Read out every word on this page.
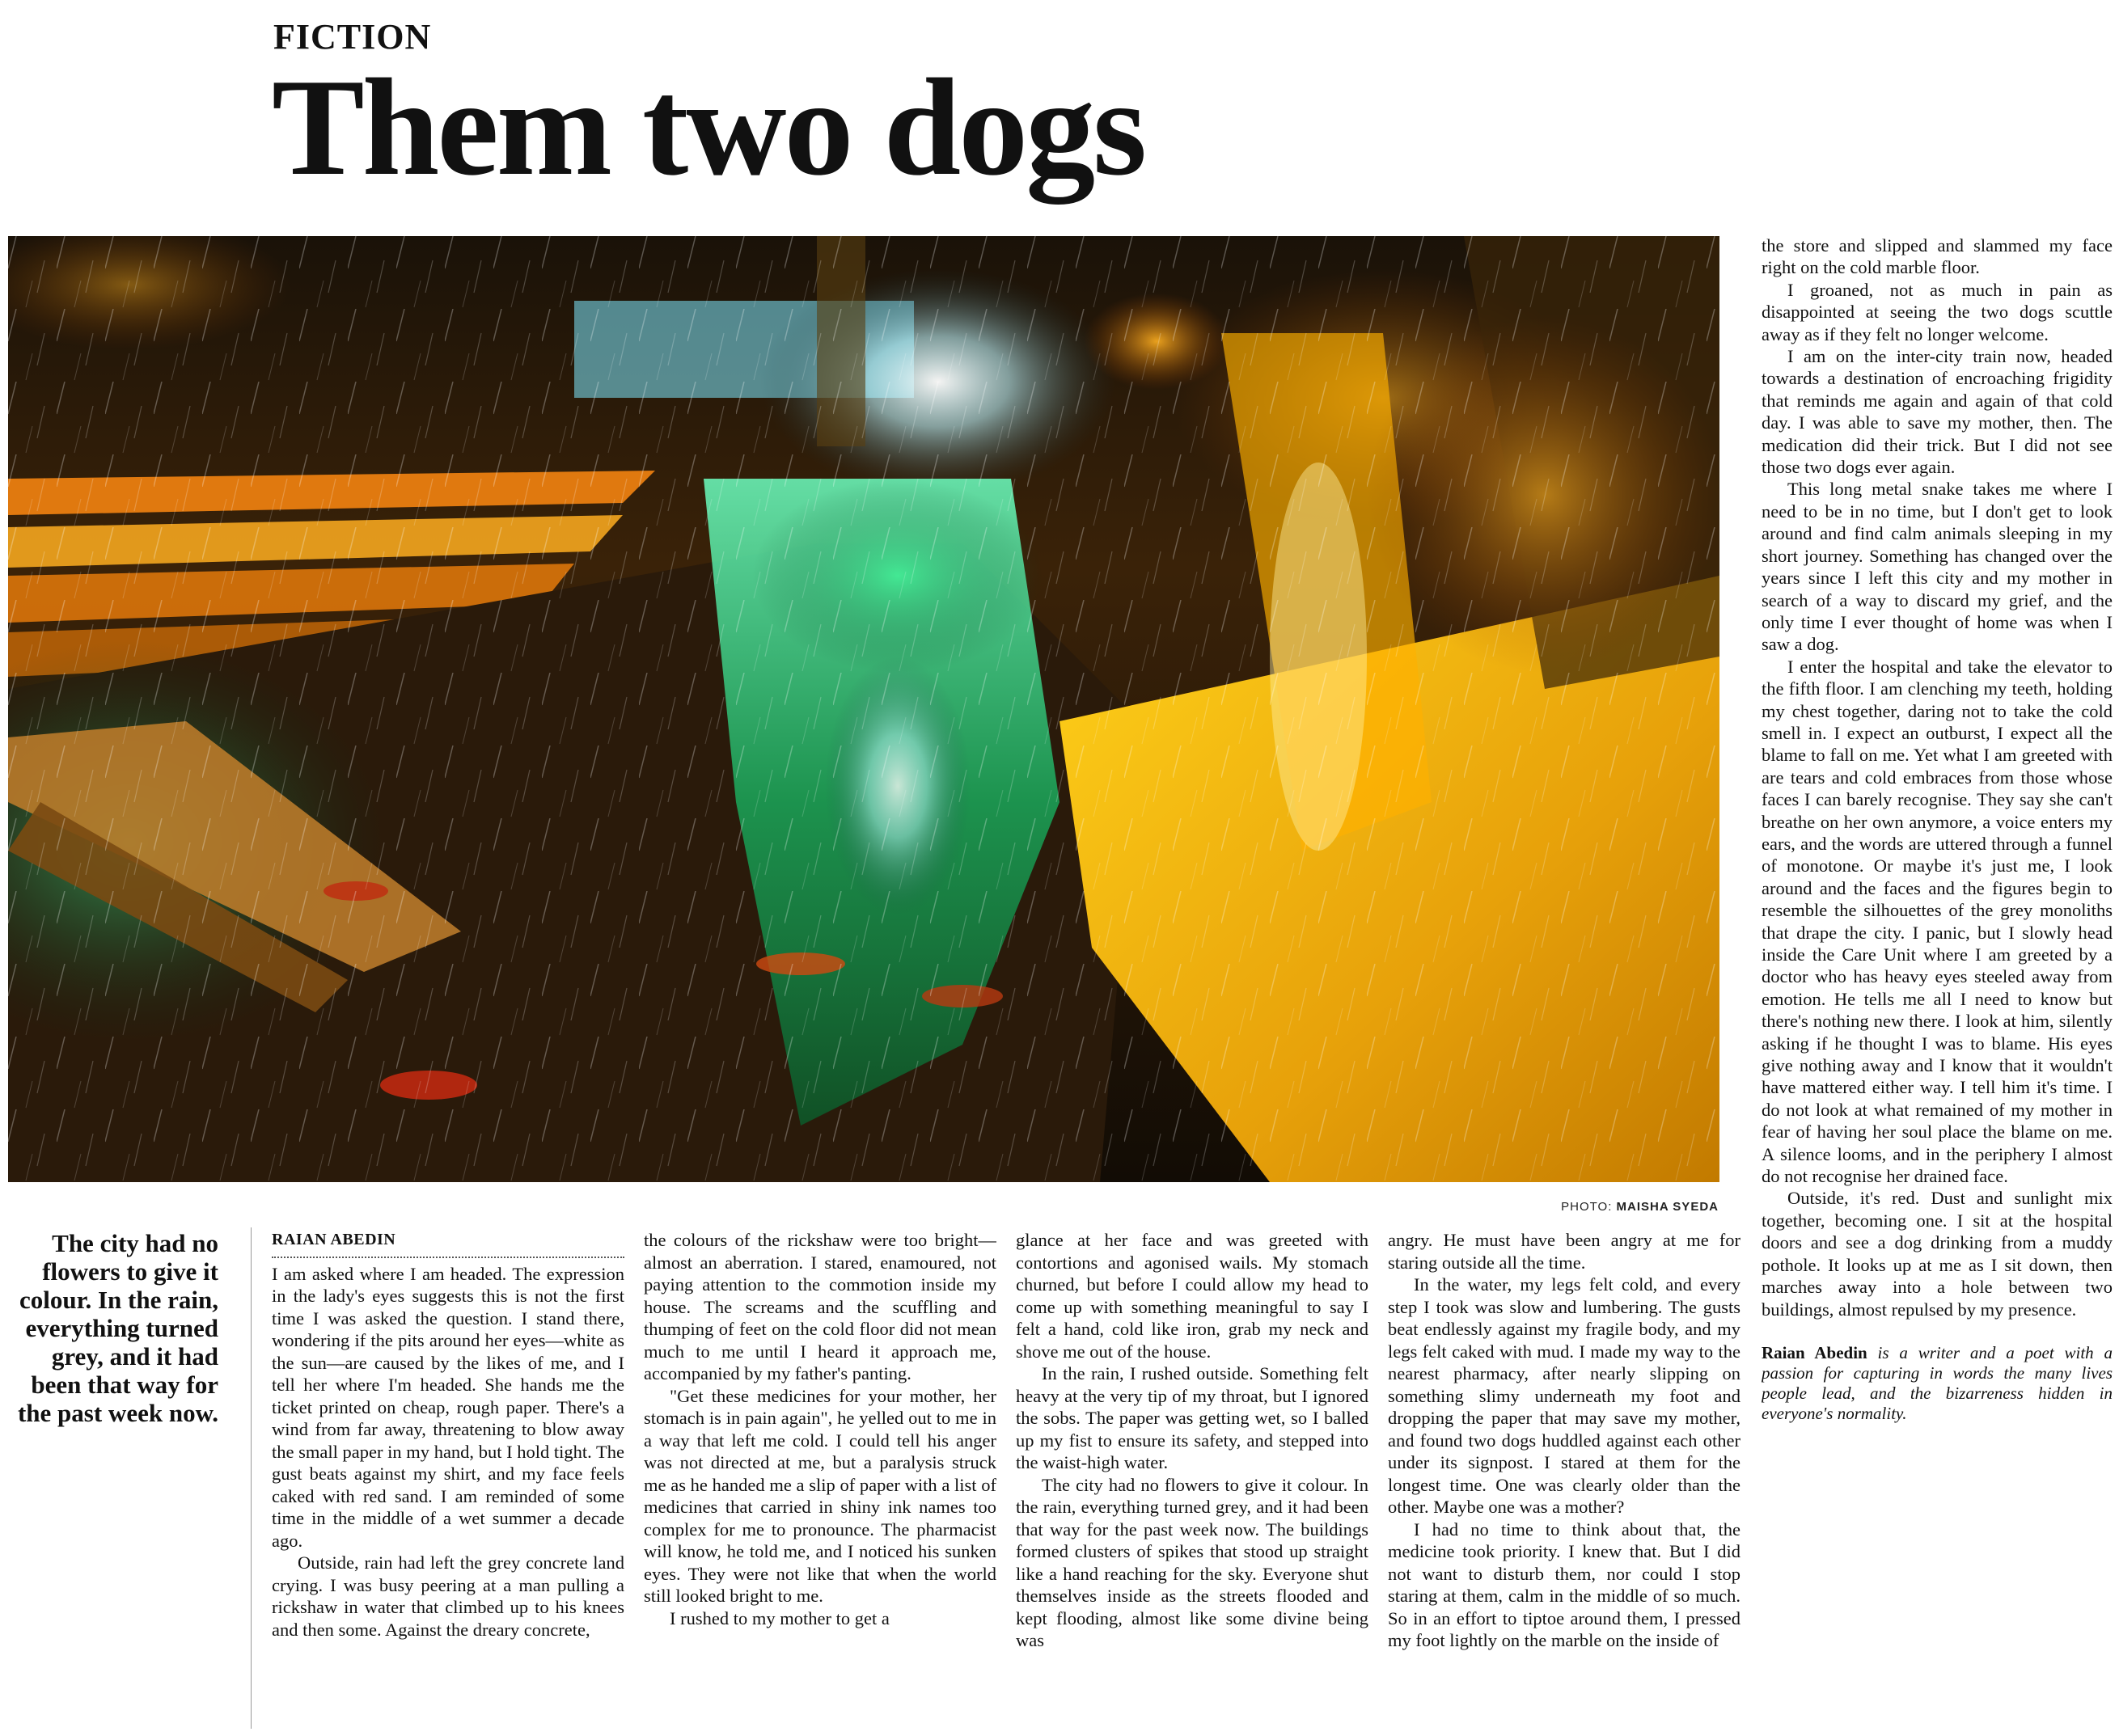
FICTION
Them two dogs
PHOTO: MAISHA SYEDA
The city had no flowers to give it colour. In the rain, everything turned grey, and it had been that way for the past week now.
RAIAN ABEDIN

I am asked where I am headed. The expression in the lady's eyes suggests this is not the first time I was asked the question. I stand there, wondering if the pits around her eyes—white as the sun—are caused by the likes of me, and I tell her where I'm headed. She hands me the ticket printed on cheap, rough paper. There's a wind from far away, threatening to blow away the small paper in my hand, but I hold tight. The gust beats against my shirt, and my face feels caked with red sand. I am reminded of some time in the middle of a wet summer a decade ago.

Outside, rain had left the grey concrete land crying. I was busy peering at a man pulling a rickshaw in water that climbed up to his knees and then some. Against the dreary concrete,

the colours of the rickshaw were too bright— almost an aberration. I stared, enamoured, not paying attention to the commotion inside my house. The screams and the scuffling and thumping of feet on the cold floor did not mean much to me until I heard it approach me, accompanied by my father's panting.

"Get these medicines for your mother, her stomach is in pain again", he yelled out to me in a way that left me cold. I could tell his anger was not directed at me, but a paralysis struck me as he handed me a slip of paper with a list of medicines that carried in shiny ink names too complex for me to pronounce. The pharmacist will know, he told me, and I noticed his sunken eyes. They were not like that when the world still looked bright to me.

I rushed to my mother to get a

glance at her face and was greeted with contortions and agonised wails. My stomach churned, but before I could allow my head to come up with something meaningful to say I felt a hand, cold like iron, grab my neck and shove me out of the house.

In the rain, I rushed outside. Something felt heavy at the very tip of my throat, but I ignored the sobs. The paper was getting wet, so I balled up my fist to ensure its safety, and stepped into the waist-high water.

The city had no flowers to give it colour. In the rain, everything turned grey, and it had been that way for the past week now. The buildings formed clusters of spikes that stood up straight like a hand reaching for the sky. Everyone shut themselves inside as the streets flooded and kept flooding, almost like some divine being was

angry. He must have been angry at me for staring outside all the time.

In the water, my legs felt cold, and every step I took was slow and lumbering. The gusts beat endlessly against my fragile body, and my legs felt caked with mud. I made my way to the nearest pharmacy, after nearly slipping on something slimy underneath my foot and dropping the paper that may save my mother, and found two dogs huddled against each other under its signpost. I stared at them for the longest time. One was clearly older than the other. Maybe one was a mother?

I had no time to think about that, the medicine took priority. I knew that. But I did not want to disturb them, nor could I stop staring at them, calm in the middle of so much. So in an effort to tiptoe around them, I pressed my foot lightly on the marble on the inside of

the store and slipped and slammed my face right on the cold marble floor.

I groaned, not as much in pain as disappointed at seeing the two dogs scuttle away as if they felt no longer welcome.

I am on the inter-city train now, headed towards a destination of encroaching frigidity that reminds me again and again of that cold day. I was able to save my mother, then. The medication did their trick. But I did not see those two dogs ever again.

This long metal snake takes me where I need to be in no time, but I don't get to look around and find calm animals sleeping in my short journey. Something has changed over the years since I left this city and my mother in search of a way to discard my grief, and the only time I ever thought of home was when I saw a dog.

I enter the hospital and take the elevator to the fifth floor. I am clenching my teeth, holding my chest together, daring not to take the cold smell in. I expect an outburst, I expect all the blame to fall on me. Yet what I am greeted with are tears and cold embraces from those whose faces I can barely recognise. They say she can't breathe on her own anymore, a voice enters my ears, and the words are uttered through a funnel of monotone. Or maybe it's just me, I look around and the faces and the figures begin to resemble the silhouettes of the grey monoliths that drape the city. I panic, but I slowly head inside the Care Unit where I am greeted by a doctor who has heavy eyes steeled away from emotion. He tells me all I need to know but there's nothing new there. I look at him, silently asking if he thought I was to blame. His eyes give nothing away and I know that it wouldn't have mattered either way. I tell him it's time. I do not look at what remained of my mother in fear of having her soul place the blame on me. A silence looms, and in the periphery I almost do not recognise her drained face.

Outside, it's red. Dust and sunlight mix together, becoming one. I sit at the hospital doors and see a dog drinking from a muddy pothole. It looks up at me as I sit down, then marches away into a hole between two buildings, almost repulsed by my presence.

Raian Abedin is a writer and a poet with a passion for capturing in words the many lives people lead, and the bizarreness hidden in everyone's normality.
